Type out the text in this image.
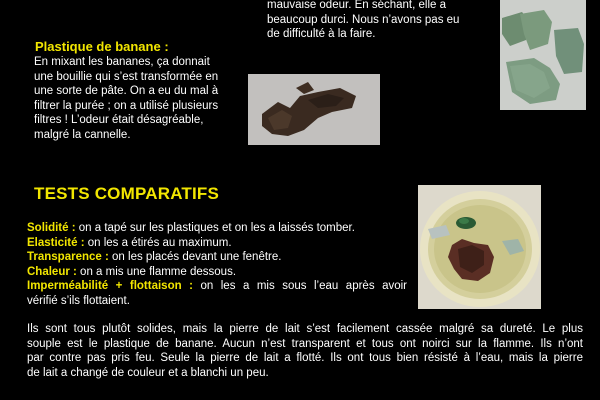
mauvaise odeur. En séchant, elle a
beaucoup durci. Nous n’avons pas eu
de difficulté à la faire.
Plastique de banane :
En mixant les bananes, ça donnait
une bouillie qui s’est transformée en
une sorte de pâte. On a eu du mal à
filtrer la purée ; on a utilisé plusieurs
filtres ! L’odeur était désagréable,
malgré la cannelle.
TESTS COMPARATIFS
Solidité : on a tapé sur les plastiques et on les a laissés tomber.
Elasticité : on les a étirés au maximum.
Transparence : on les placés devant une fenêtre.
Chaleur : on a mis une flamme dessous.
Imperméabilité + flottaison : on les a mis sous l’eau après avoir
vérifié s’ils flottaient.
Ils sont tous plutôt solides, mais la pierre de lait s’est facilement cassée malgré sa dureté. Le plus
souple est le plastique de banane. Aucun n’est transparent et tous ont noirci sur la flamme. Ils n’ont
par contre pas pris feu. Seule la pierre de lait a flotté. Ils ont tous bien résisté à l’eau, mais la pierre
de lait a changé de couleur et a blanchi un peu.
